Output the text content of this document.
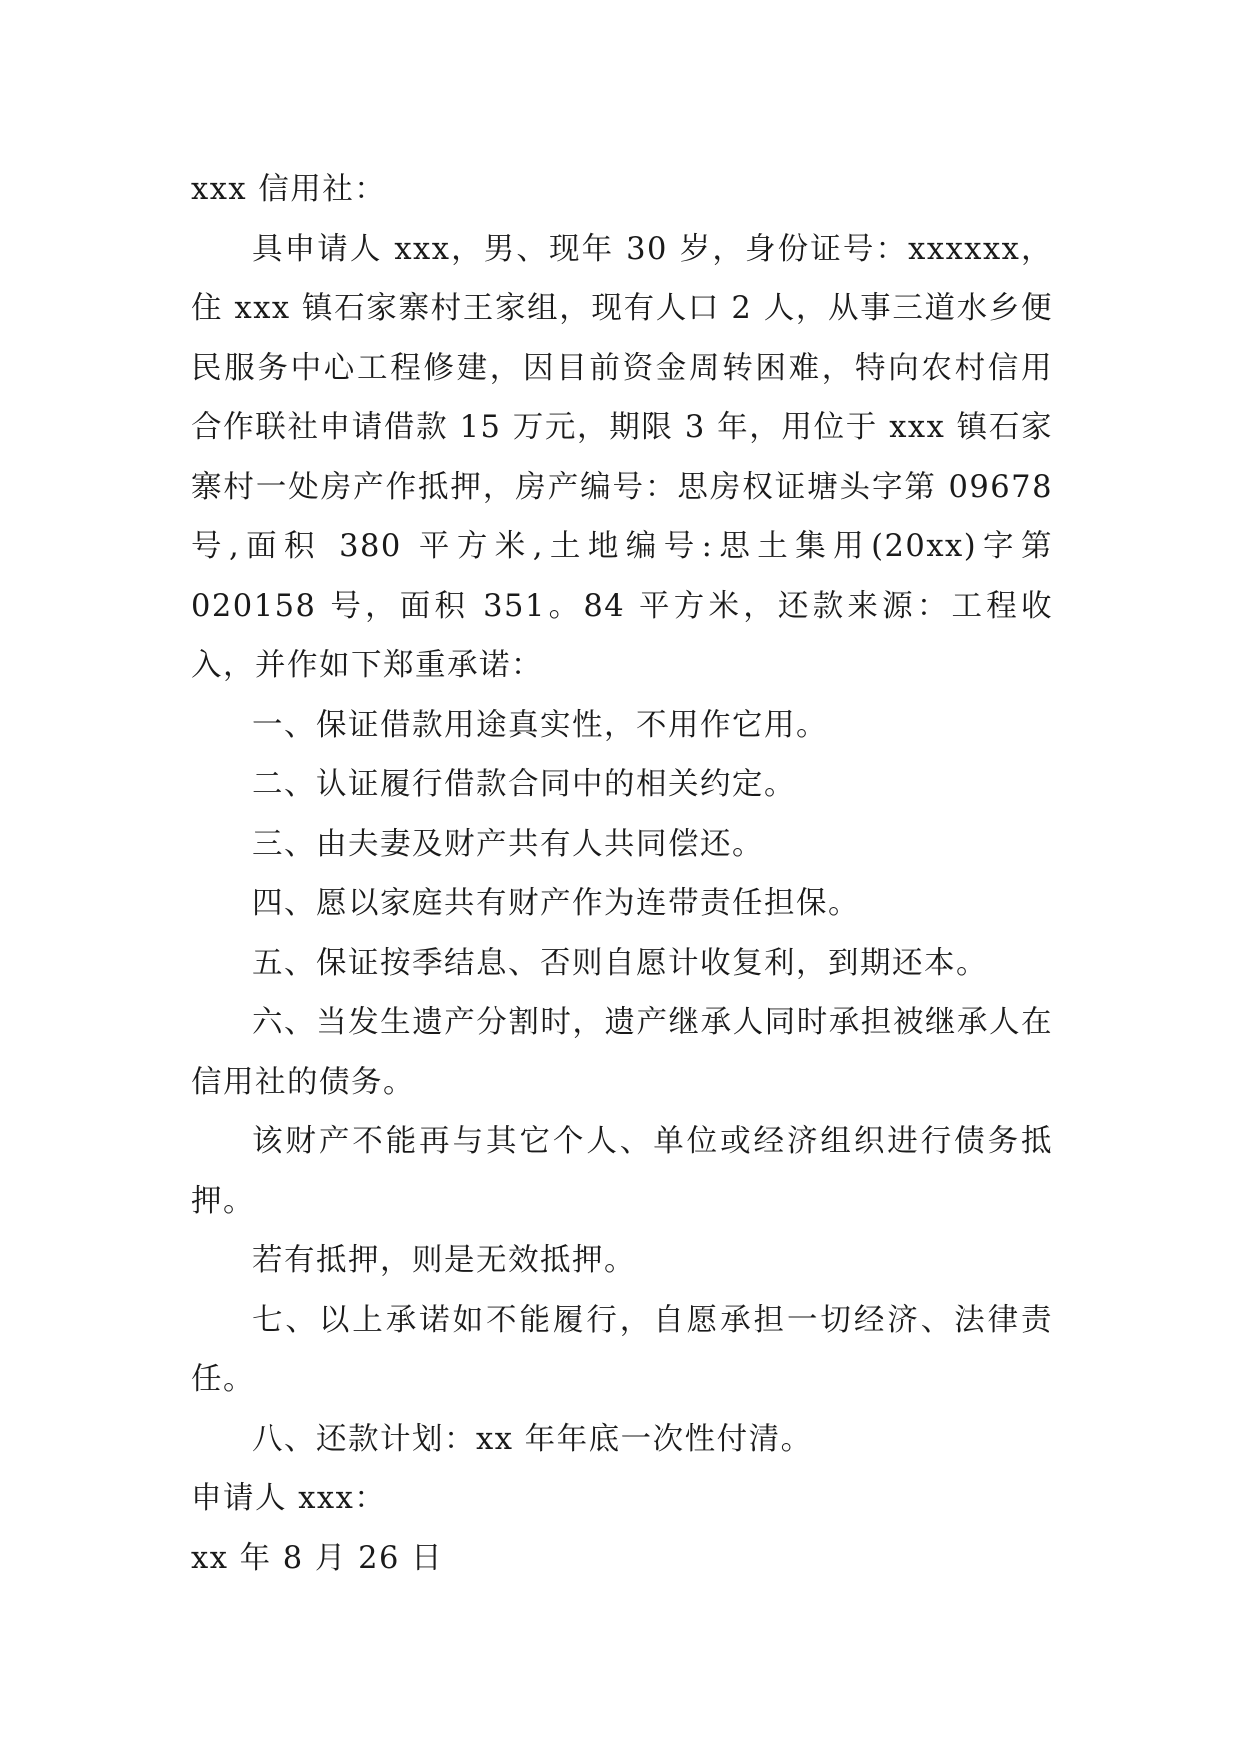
xxx 信用社：

具申请人 xxx，男、现年 30 岁，身份证号：xxxxxx，住 xxx 镇石家寨村王家组，现有人口 2 人，从事三道水乡便民服务中心工程修建，因目前资金周转困难，特向农村信用合作联社申请借款 15 万元，期限 3 年，用位于 xxx 镇石家寨村一处房产作抵押，房产编号：思房权证塘头字第 09678 号,面积 380 平方米,土地编号:思土集用(20xx)字第 020158 号，面积 351。84 平方米，还款来源：工程收入，并作如下郑重承诺：

一、保证借款用途真实性，不用作它用。

二、认证履行借款合同中的相关约定。

三、由夫妻及财产共有人共同偿还。

四、愿以家庭共有财产作为连带责任担保。

五、保证按季结息、否则自愿计收复利，到期还本。

六、当发生遗产分割时，遗产继承人同时承担被继承人在信用社的债务。

该财产不能再与其它个人、单位或经济组织进行债务抵押。

若有抵押，则是无效抵押。

七、以上承诺如不能履行，自愿承担一切经济、法律责任。

八、还款计划：xx 年年底一次性付清。

申请人 xxx：

xx 年 8 月 26 日
